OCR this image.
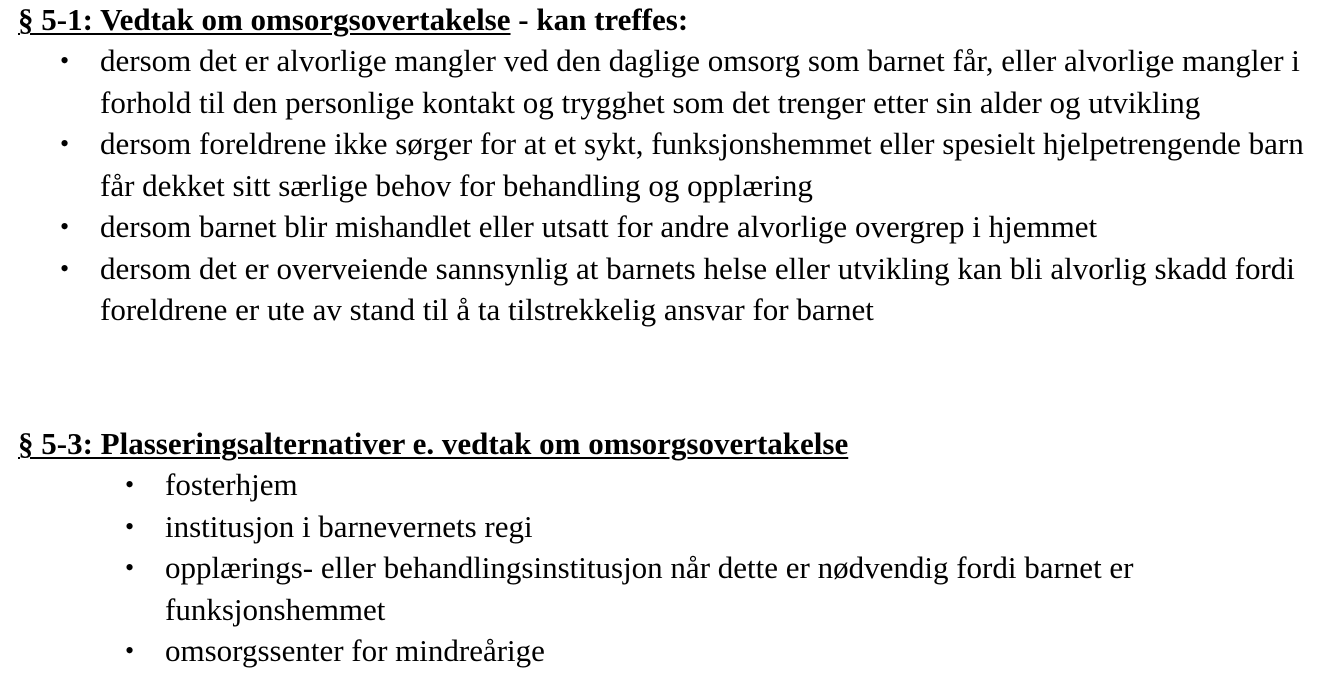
§ 5-1: Vedtak om omsorgsovertakelse - kan treffes:
• dersom det er alvorlige mangler ved den daglige omsorg som barnet får, eller alvorlige mangler i forhold til den personlige kontakt og trygghet som det trenger etter sin alder og utvikling
• dersom foreldrene ikke sørger for at et sykt, funksjonshemmet eller spesielt hjelpetrengende barn får dekket sitt særlige behov for behandling og opplæring
• dersom barnet blir mishandlet eller utsatt for andre alvorlige overgrep i hjemmet
• dersom det er overveiende sannsynlig at barnets helse eller utvikling kan bli alvorlig skadd fordi foreldrene er ute av stand til å ta tilstrekkelig ansvar for barnet
§ 5-3: Plasseringsalternativer e. vedtak om omsorgsovertakelse
• fosterhjem
• institusjon i barnevernets regi
• opplærings- eller behandlingsinstitusjon når dette er nødvendig fordi barnet er funksjonshemmet
• omsorgssenter for mindreårige
